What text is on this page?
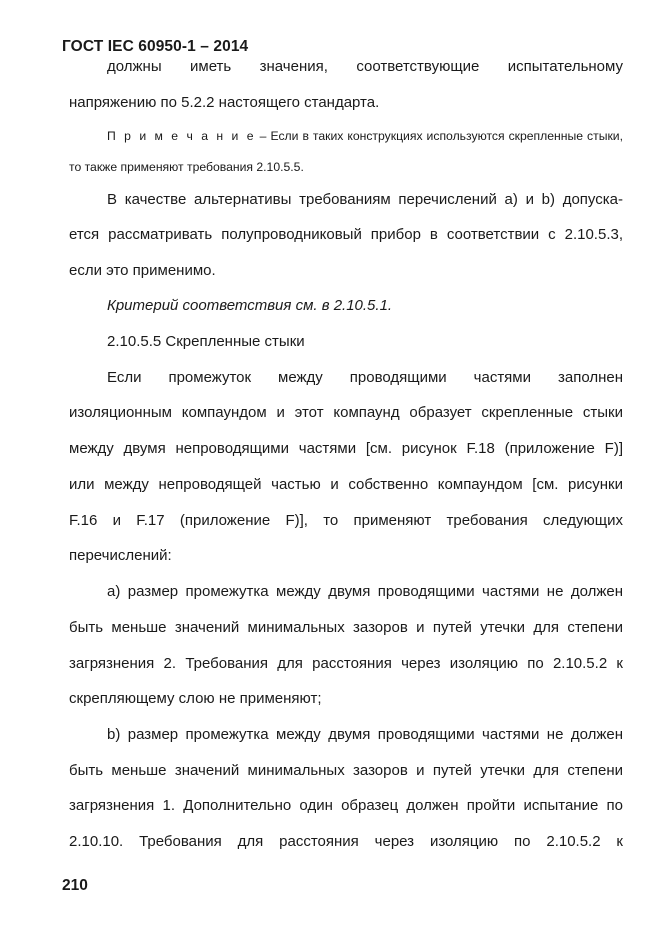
ГОСТ IEC 60950-1 – 2014

должны иметь значения, соответствующие испытательному

напряжению по 5.2.2 настоящего стандарта.

П р и м е ч а н и е – Если в таких конструкциях используются скрепленные стыки,

то также применяют требования 2.10.5.5.

В качестве альтернативы требованиям перечислений a) и b) допуска-

ется рассматривать полупроводниковый прибор в соответствии с 2.10.5.3,

если это применимо.

Критерий соответствия см. в 2.10.5.1.

2.10.5.5 Скрепленные стыки

Если промежуток между проводящими частями заполнен

изоляционным компаундом и этот компаунд образует скрепленные стыки

между двумя непроводящими частями [см. рисунок F.18 (приложение F)]

или между непроводящей частью и собственно компаундом [см. рисунки

F.16 и F.17 (приложение F)], то применяют требования следующих

перечислений:

a) размер промежутка между двумя проводящими частями не должен

быть меньше значений минимальных зазоров и путей утечки для степени

загрязнения 2. Требования для расстояния через изоляцию по 2.10.5.2 к

скрепляющему слою не применяют;

b) размер промежутка между двумя проводящими частями не должен

быть меньше значений минимальных зазоров и путей утечки для степени

загрязнения 1. Дополнительно один образец должен пройти испытание по

2.10.10. Требования для расстояния через изоляцию по 2.10.5.2 к

210
